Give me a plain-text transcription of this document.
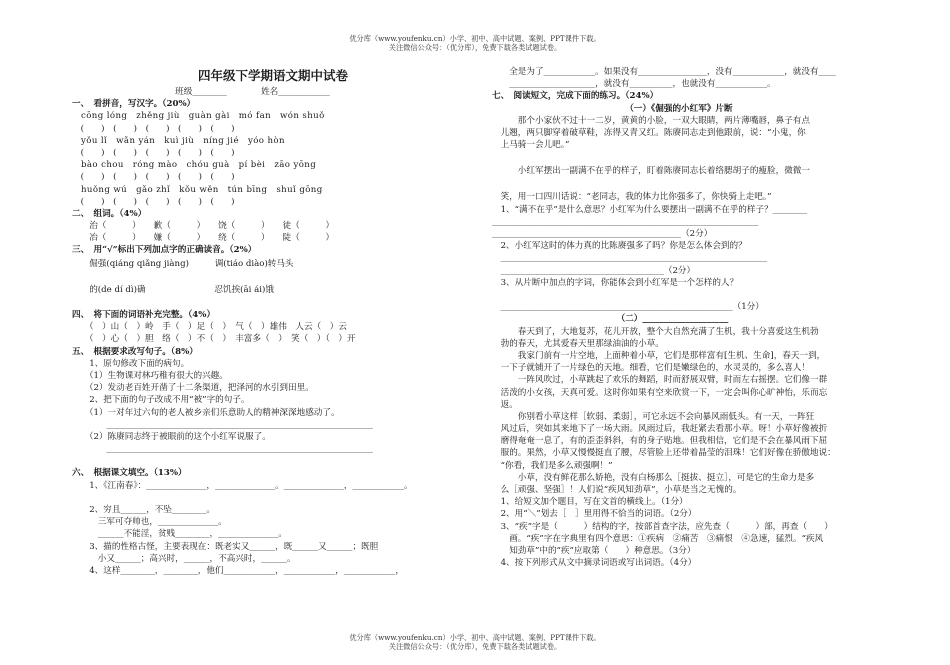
优分库（www.youfenku.cn）小学、初中、高中试题、案例、PPT课件下载。
关注微信公众号：（优分库），免费下载各类试题试卷。
四年级下学期语文期中试卷
　　　　　　　　　　　　班级________　　　　姓名____________
一、　看拼音，写汉字。（20%）
　cōng lóng　zhěng jiù　guàn gài　mó fan　wón shuǒ
　(　　)　(　　)　(　　)　(　　)　(　　)
　yǒu lǐ　wǎn yán　kuì jiù　níng jié　yóo hòn
　(　　)　(　　)　(　　)　(　　)　(　　)
　bào chou　róng mào　chóu guà　pí bèi　zāo yōng
　(　　)　(　　)　(　　)　(　　)　(　　)
　huǒng wú　gǎo zhǐ　kǒu wěn　tún bīng　shuǐ gōng
　(　　)　(　　)　(　　)　(　　)　(　　)
二、　组词。（4%）
　　治（　　　）　　歉（　　　）　　饶（　　　）　　徒（　　　）
　　冶（　　　）　　嫌（　　　）　　绕（　　　）　　陡（　　　）
三、　用“√”标出下列加点字的正确读音。（2%）
　　倔强(qiáng qiǎng jiàng)　　　调(tiáo diào)转马头
　　的(de dí dì)确　　　　　　　　忍饥挨(āi ái)饿
四、　将下面的词语补充完整。（4%）
　　（　）山（　）岭　手（　）足（　）　气（　）雄伟　人云（　）云
　　（　）心（　）胆　络（　）不（　）　丰富多（　）　笑（　）（　）开
五、　根据要求改写句子。（8%）
　　1、原句修改下面的病句。
　　（1）生物课对林巧稚有很大的兴趣。
　　（2）发动老百姓开凿了十二条渠道，把泽河的水引到田里。
　　2、把下面的句子改成不用“被”字的句子。
　　（1）一对年过六旬的老人被乡亲们乐意助人的精神深深地感动了。
　　　　______________________________________________________________
　　（2）陈赓同志终于被眼前的这个小红军说服了。
　　　　______________________________________________________________
六、　根据课文填空。（13%）
　　1、《江南春》：______________，______________。______________，____________。
　　2、穷且______，不坠________。
　　　三军可夺帅也，______________。
　　　______不能淫，贫贱________，______________。
　　3、描的性格古怪，主要表现在：既老实又______，既______又______；既胆
　　　小又______；高兴时，______，不高兴时，______。
　　4、这样________，________，他们____________，____________，____________，
　　全是为了____________。如果没有________________，没有____________，就没有____
　　____________________，就没有__________，也就没有____________。
七、　阅读短文，完成下面的练习。（24%）
　　　　　　　　　　　　　　　　（一）《倔强的小红军》片断
　　　那个小家伙不过十一二岁，黄黄的小脸，一双大眼睛，两片薄嘴唇，鼻子有点
　儿翘，两只脚穿着破草鞋，冻得又青又红。陈赓同志走到他跟前，说：“小鬼，你
　上马骑一会儿吧。”
　　　小红军摆出一副满不在乎的样子，盯着陈赓同志长着络腮胡子的瘦脸，微微一
　笑，用一口四川话说：“老同志，我的体力比你强多了，你快骑上走吧。”
　1、“满不在乎”是什么意思？小红军为什么要摆出一副满不在乎的样子？________
______________________________________________________________
____________________________________________（2分）
　2、小红军这时的体力真的比陈赓强多了吗？你是怎么体会到的？
　______________________________________________________________
　______________________________________（2分）
　3、从片断中加点的字词，你能体会到小红军是一个怎样的人？
　______________________________________________________（1分）
　　　　　　　　　　　　　　　（二）____________________
　　　春天到了，大地复苏，花儿开放，整个大自然充满了生机，我十分喜爱这生机勃
　勃的春天，尤其爱春天里那绿油油的小草。
　　　我家门前有一片空地，上面种着小草，它们是那样富有[生机、生命]，春天一到，
　一下子就铺开了一片绿色的天地。细看，它们是嫩绿色的，水灵灵的，多么喜人！
　　　一阵风吹过，小草跳起了欢乐的舞蹈，时而舒展双臂，时而左右摇摆。它们像一群
　活泼的小女孩，天真可爱。这时你如果有空来欣赏一下，一定会叫你心旷神怡，乐而忘
　返。
　　　你别看小草这样［软弱、柔弱］，可它永远不会向暴风雨低头。有一天，一阵狂
　风过后，突如其来地下了一场大雨。风雨过后，我赶紧去看那小草。呀！小草好像被折
　磨得奄奄一息了，有的歪歪斜斜，有的身子贴地。但我相信，它们是不会在暴风雨下屈
　服的。果然，小草又慢慢挺直了腰，尽管脸上还带着晶莹的泪珠！它们好像在骄傲地说：
　“你看，我们是多么顽强啊！”
　　　小草，没有鲜花那么娇艳，没有白杨那么［挺拔、挺立］，可是它的生命力是多
　么［顽强、坚强］！人们说“疾风知劲草”，小草是当之无愧的。
　1、给短文加个题目，写在文首的横线上。（1分）
　2、用“＼”划去［　］里用得不恰当的词语。（2分）
　3、“疾”字是（　　　）结构的字，按部首查字法，应先查（　　　）部，再查（　　）
　　画。“疾”字在字典里有四个意思：①疾病　②痛苦　③痛恨　④急速，猛烈。“疾风
　　知劲草”中的“疾”应取第（　　）种意思。（3分）
　4、按下列形式从文中摘录词语或写出词语。（4分）
优分库（www.youfenku.cn）小学、初中、高中试题、案例、PPT课件下载。
关注微信公众号：（优分库），免费下载各类试题试卷。
